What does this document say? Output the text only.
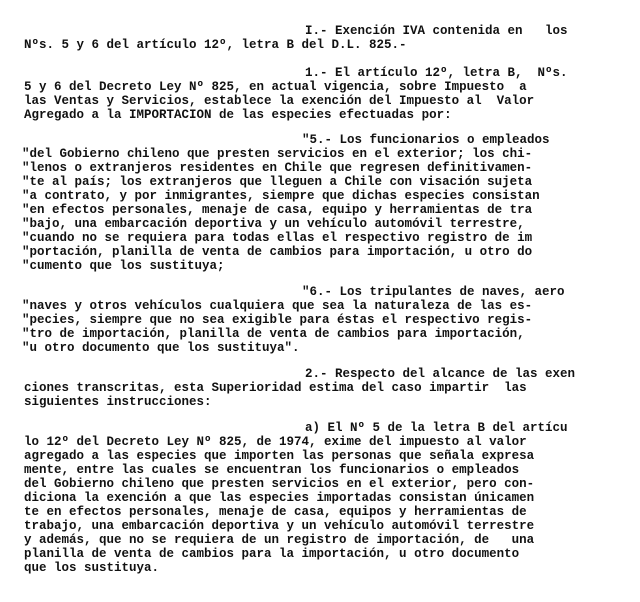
I.- Exención IVA contenida en   los
Nºs. 5 y 6 del artículo 12º, letra B del D.L. 825.-
1.- El artículo 12º, letra B,  Nºs.
5 y 6 del Decreto Ley Nº 825, en actual vigencia, sobre Impuesto  a
las Ventas y Servicios, establece la exención del Impuesto al  Valor
Agregado a la IMPORTACION de las especies efectuadas por:
"5.- Los funcionarios o empleados
"del Gobierno chileno que presten servicios en el exterior; los chi-
"lenos o extranjeros residentes en Chile que regresen definitivamen-
"te al país; los extranjeros que lleguen a Chile con visación sujeta
"a contrato, y por inmigrantes, siempre que dichas especies consistan
"en efectos personales, menaje de casa, equipo y herramientas de tra
"bajo, una embarcación deportiva y un vehículo automóvil terrestre,
"cuando no se requiera para todas ellas el respectivo registro de im
"portación, planilla de venta de cambios para importación, u otro do
"cumento que los sustituya;
"6.- Los tripulantes de naves, aero
"naves y otros vehículos cualquiera que sea la naturaleza de las es-
"pecies, siempre que no sea exigible para éstas el respectivo regis-
"tro de importación, planilla de venta de cambios para importación,
"u otro documento que los sustituya".
2.- Respecto del alcance de las exen
ciones transcritas, esta Superioridad estima del caso impartir  las
siguientes instrucciones:
a) El Nº 5 de la letra B del artícu
lo 12º del Decreto Ley Nº 825, de 1974, exime del impuesto al valor
agregado a las especies que importen las personas que señala expresa
mente, entre las cuales se encuentran los funcionarios o empleados
del Gobierno chileno que presten servicios en el exterior, pero con-
diciona la exención a que las especies importadas consistan únicamen
te en efectos personales, menaje de casa, equipos y herramientas de
trabajo, una embarcación deportiva y un vehículo automóvil terrestre
y además, que no se requiera de un registro de importación, de   una
planilla de venta de cambios para la importación, u otro documento
que los sustituya.
